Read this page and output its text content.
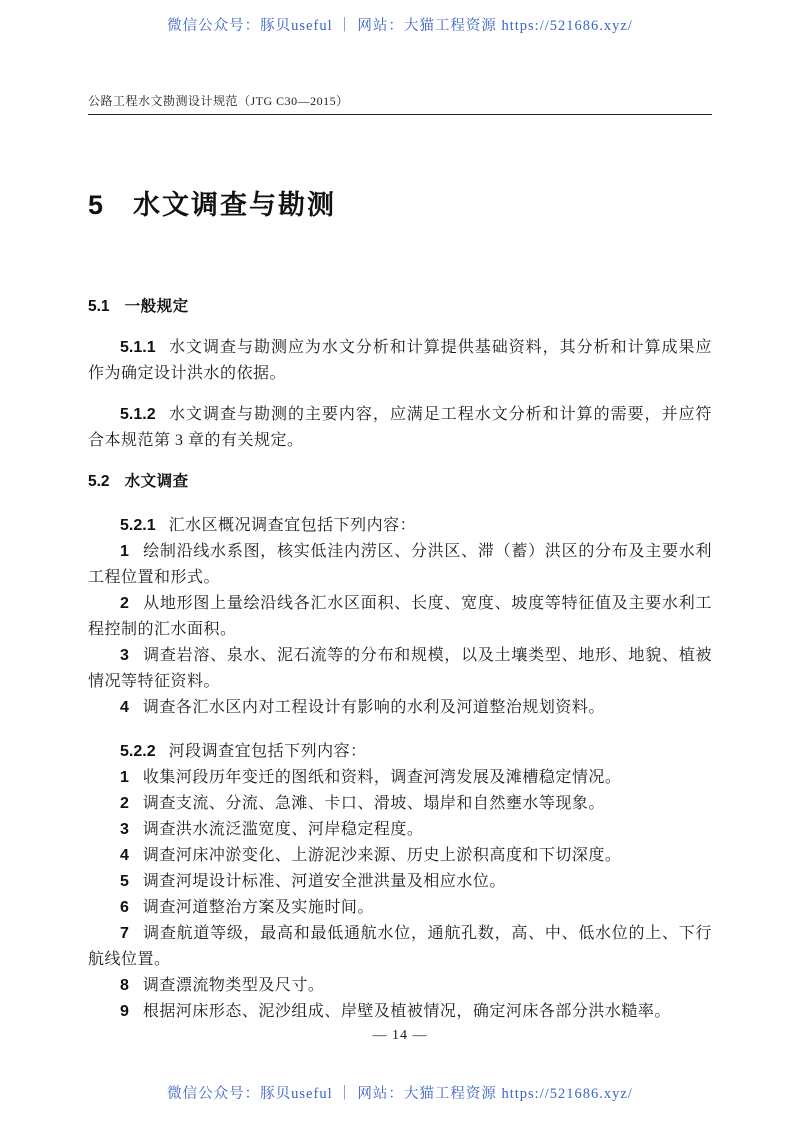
微信公众号：豚贝useful ｜ 网站：大猫工程资源 https://521686.xyz/
公路工程水文勘测设计规范（JTG C30—2015）
5 水文调查与勘测
5.1 一般规定

5.1.1 水文调查与勘测应为水文分析和计算提供基础资料，其分析和计算成果应作为确定设计洪水的依据。

5.1.2 水文调查与勘测的主要内容，应满足工程水文分析和计算的需要，并应符合本规范第 3 章的有关规定。

5.2 水文调查

5.2.1 汇水区概况调查宜包括下列内容：

1 绘制沿线水系图，核实低洼内涝区、分洪区、滞（蓄）洪区的分布及主要水利工程位置和形式。

2 从地形图上量绘沿线各汇水区面积、长度、宽度、坡度等特征值及主要水利工程控制的汇水面积。

3 调查岩溶、泉水、泥石流等的分布和规模，以及土壤类型、地形、地貌、植被情况等特征资料。

4 调查各汇水区内对工程设计有影响的水利及河道整治规划资料。

5.2.2 河段调查宜包括下列内容：

1 收集河段历年变迁的图纸和资料，调查河湾发展及滩槽稳定情况。

2 调查支流、分流、急滩、卡口、滑坡、塌岸和自然壅水等现象。

3 调查洪水流泛滥宽度、河岸稳定程度。

4 调查河床冲淤变化、上游泥沙来源、历史上淤积高度和下切深度。

5 调查河堤设计标准、河道安全泄洪量及相应水位。

6 调查河道整治方案及实施时间。

7 调查航道等级，最高和最低通航水位，通航孔数，高、中、低水位的上、下行航线位置。

8 调查漂流物类型及尺寸。

9 根据河床形态、泥沙组成、岸壁及植被情况，确定河床各部分洪水糙率。

— 14 —
微信公众号：豚贝useful ｜ 网站：大猫工程资源 https://521686.xyz/
